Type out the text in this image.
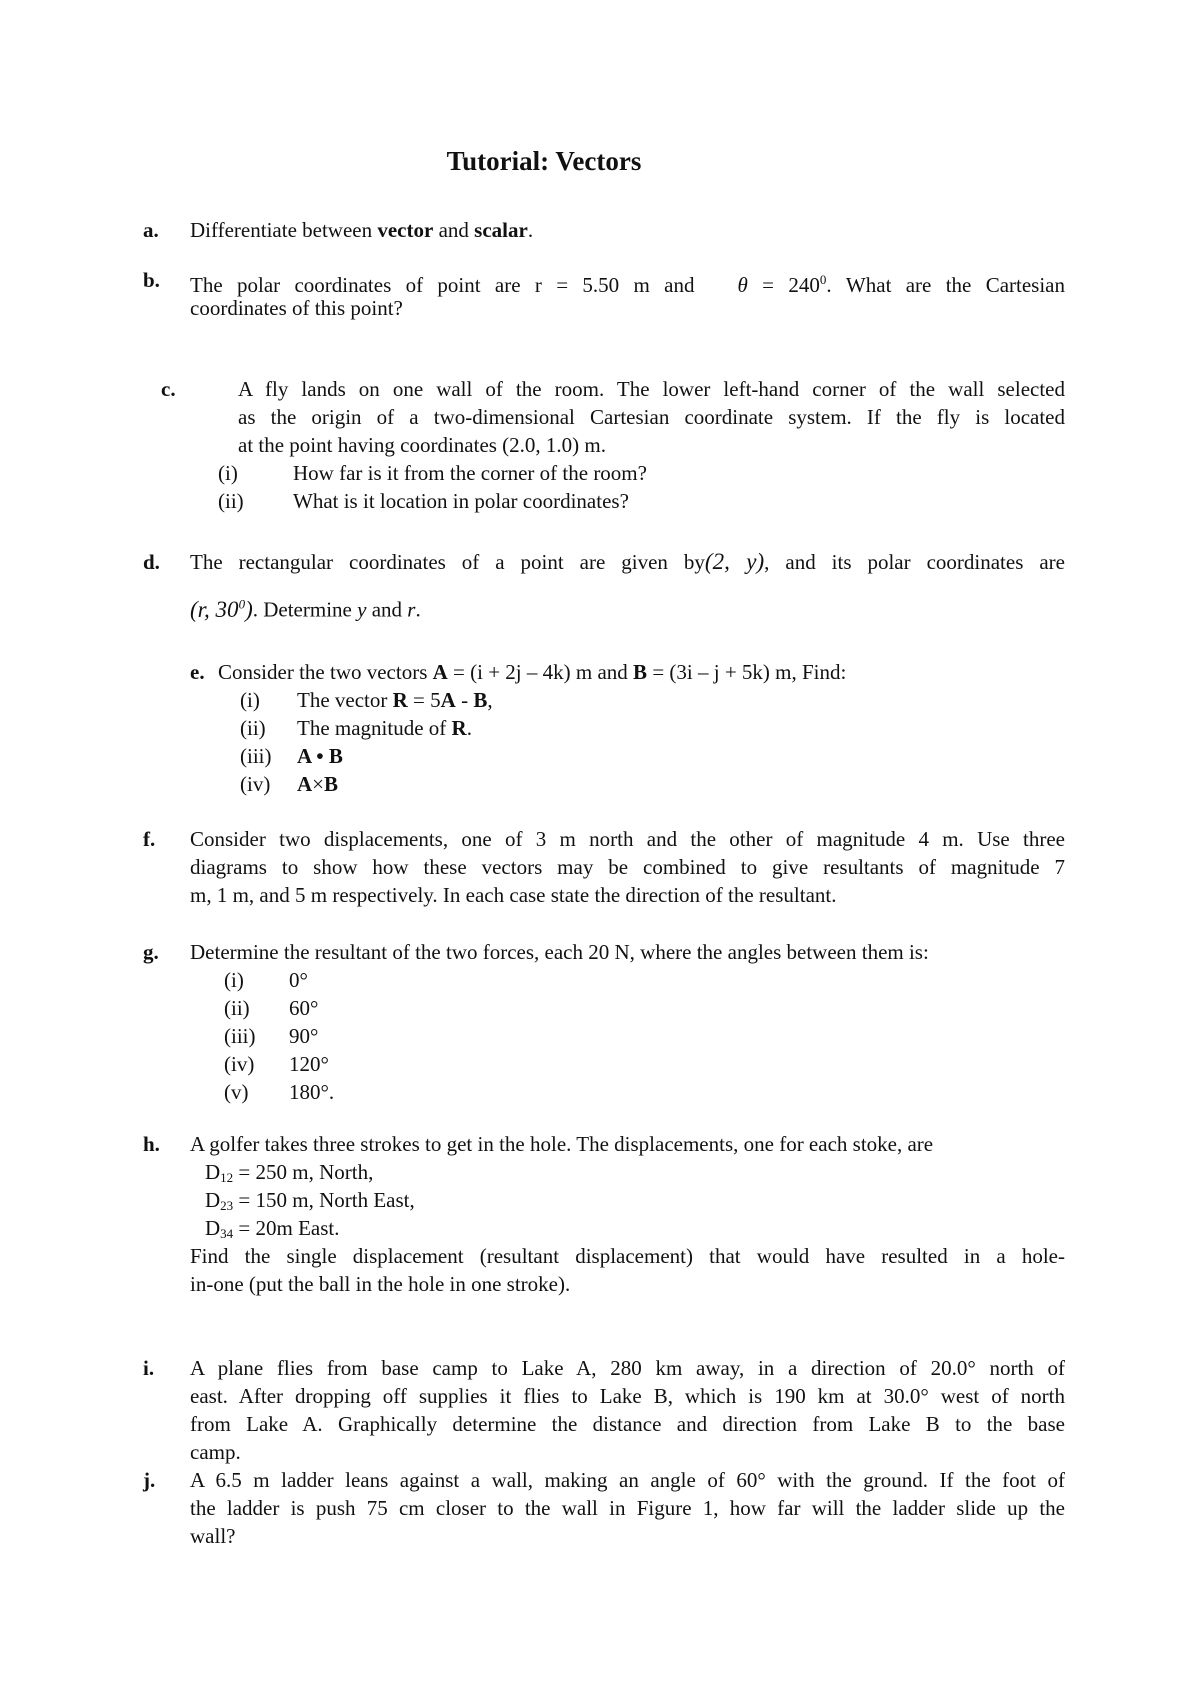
Tutorial: Vectors
a. Differentiate between vector and scalar.
b. The polar coordinates of point are r = 5.50 m and   $\theta = 240^0$. What are the Cartesian
coordinates of this point?
c.	A fly lands on one wall of the room. The lower left-hand corner of the wall selected
as the origin of a two-dimensional Cartesian coordinate system. If the fly is located
at the point having coordinates (2.0, 1.0) m.
(i)	How far is it from the corner of the room?
(ii) What is it location in polar coordinates?
d. The rectangular coordinates of a point are given by(2, y), and its polar coordinates are
(r, $30^0$). Determine y and r.
e. Consider the two vectors A = (i + 2j – 4k) m and B = (3i – j + 5k) m, Find:
(i) The vector R = 5A - B,
(ii) The magnitude of R.
(iii) A • B
(iv) A×B
f. Consider two displacements, one of 3 m north and the other of magnitude 4 m. Use three
diagrams to show how these vectors may be combined to give resultants of magnitude 7
m, 1 m, and 5 m respectively. In each case state the direction of the resultant.
g. Determine the resultant of the two forces, each 20 N, where the angles between them is:
(i) 0°
(ii) 60°
(iii) 90°
(iv) 120°
(v) 180°.
h. A golfer takes three strokes to get in the hole. The displacements, one for each stoke, are
$D_{12} = 250$ m, North,
$D_{23} = 150$ m, North East,
$D_{34} = 20m$ East.
Find the single displacement (resultant displacement) that would have resulted in a hole-
in-one (put the ball in the hole in one stroke).
i. A plane flies from base camp to Lake A, 280 km away, in a direction of 20.0° north of
east. After dropping off supplies it flies to Lake B, which is 190 km at 30.0° west of north
from Lake A. Graphically determine the distance and direction from Lake B to the base
camp.
j. A 6.5 m ladder leans against a wall, making an angle of 60° with the ground. If the foot of
the ladder is push 75 cm closer to the wall in Figure 1, how far will the ladder slide up the
wall?
